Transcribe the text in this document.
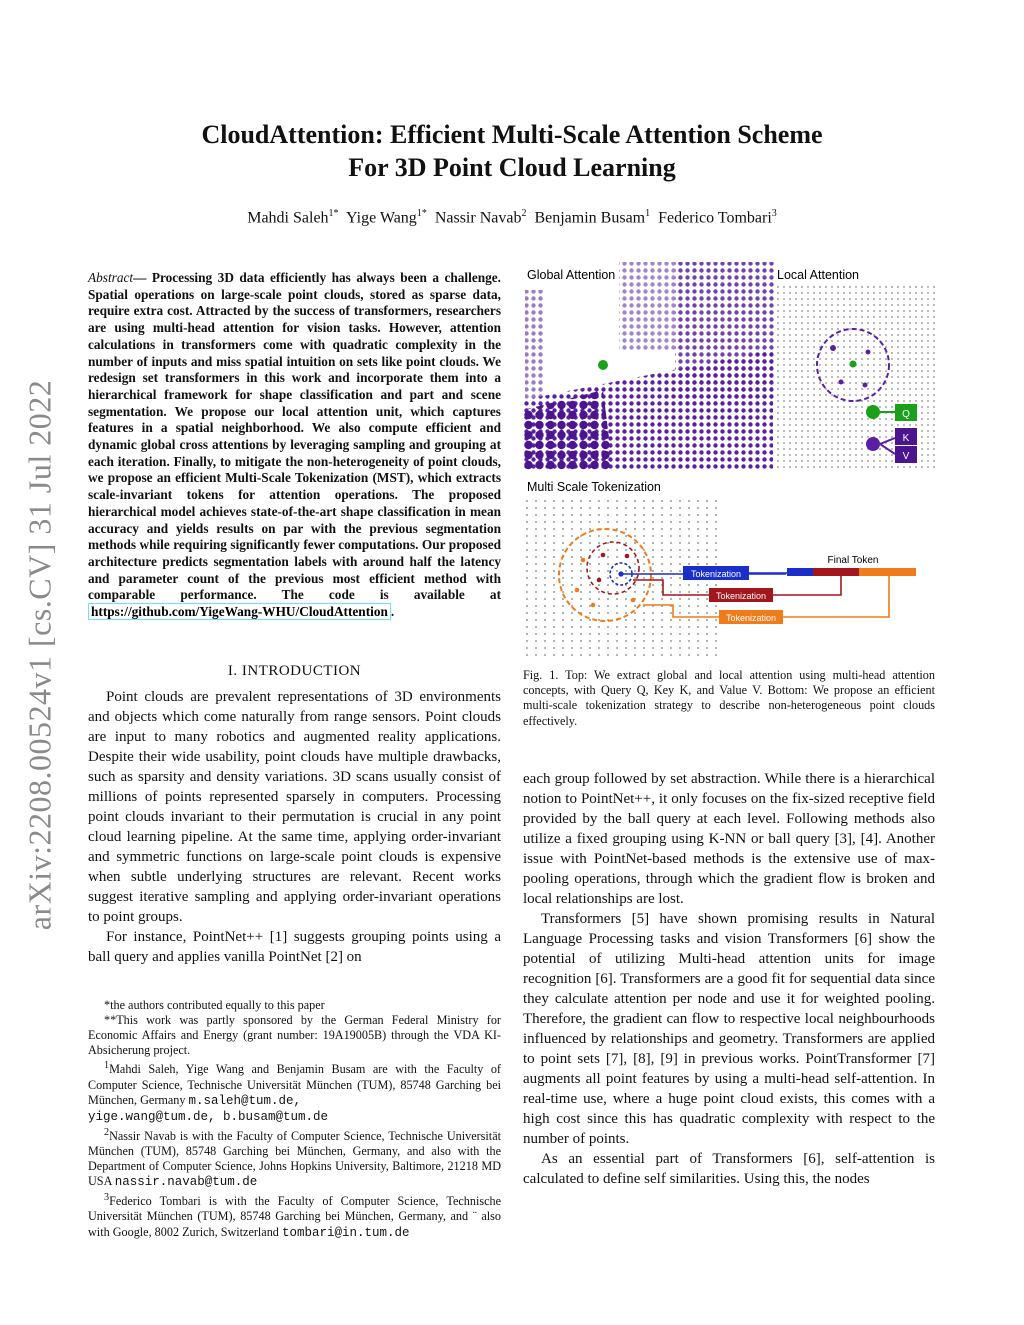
arXiv:2208.00524v1 [cs.CV] 31 Jul 2022
CloudAttention: Efficient Multi-Scale Attention Scheme
For 3D Point Cloud Learning
Mahdi Saleh$^{1*}$ Yige Wang$^{1*}$ Nassir Navab$^2$ Benjamin Busam$^1$ Federico Tombari$^3$
Abstract— Processing 3D data efficiently has always been a challenge. Spatial operations on large-scale point clouds, stored as sparse data, require extra cost. Attracted by the success of transformers, researchers are using multi-head attention for vision tasks. However, attention calculations in transformers come with quadratic complexity in the number of inputs and miss spatial intuition on sets like point clouds. We redesign set transformers in this work and incorporate them into a hierarchical framework for shape classification and part and scene segmentation. We propose our local attention unit, which captures features in a spatial neighborhood. We also compute efficient and dynamic global cross attentions by leveraging sampling and grouping at each iteration. Finally, to mitigate the non-heterogeneity of point clouds, we propose an efficient Multi-Scale Tokenization (MST), which extracts scale-invariant tokens for attention operations. The proposed hierarchical model achieves state-of-the-art shape classification in mean accuracy and yields results on par with the previous segmentation methods while requiring significantly fewer computations. Our proposed architecture predicts segmentation labels with around half the latency and parameter count of the previous most efficient method with comparable performance. The code is available at https://github.com/YigeWang-WHU/CloudAttention .
I. INTRODUCTION

Point clouds are prevalent representations of 3D environments and objects which come naturally from range sensors. Point clouds are input to many robotics and augmented reality applications. Despite their wide usability, point clouds have multiple drawbacks, such as sparsity and density variations. 3D scans usually consist of millions of points represented sparsely in computers. Processing point clouds invariant to their permutation is crucial in any point cloud learning pipeline. At the same time, applying order-invariant and symmetric functions on large-scale point clouds is expensive when subtle underlying structures are relevant. Recent works suggest iterative sampling and applying order-invariant operations to point groups.

For instance, PointNet++ [1] suggests grouping points using a ball query and applies vanilla PointNet [2] on

*the authors contributed equally to this paper

**This work was partly sponsored by the German Federal Ministry for Economic Affairs and Energy (grant number: 19A19005B) through the VDA KI-Absicherung project.

$^1$Mahdi Saleh, Yige Wang and Benjamin Busam are with the Faculty of Computer Science, Technische Universität München (TUM), 85748 Garching bei München, Germany m.saleh@tum.de,
yige.wang@tum.de, b.busam@tum.de

$^2$Nassir Navab is with the Faculty of Computer Science, Technische Universität München (TUM), 85748 Garching bei München, Germany, and also with the Department of Computer Science, Johns Hopkins University, Baltimore, 21218 MD USA nassir.navab@tum.de

$^3$Federico Tombari is with the Faculty of Computer Science, Technische Universität München (TUM), 85748 Garching bei München, Germany, and ¨ also with Google, 8002 Zurich, Switzerland tombari@in.tum.de

Global Attention	Local Attention
Q
K
V
Multi Scale Tokenization
Final Token
Tokenization
Tokenization
Tokenization
Fig. 1. Top: We extract global and local attention using multi-head attention concepts, with Query Q, Key K, and Value V. Bottom: We propose an efficient multi-scale tokenization strategy to describe non-heterogeneous point clouds effectively.

each group followed by set abstraction. While there is a hierarchical notion to PointNet++, it only focuses on the fix-sized receptive field provided by the ball query at each level. Following methods also utilize a fixed grouping using K-NN or ball query [3], [4]. Another issue with PointNet-based methods is the extensive use of max-pooling operations, through which the gradient flow is broken and local relationships are lost.

Transformers [5] have shown promising results in Natural Language Processing tasks and vision Transformers [6] show the potential of utilizing Multi-head attention units for image recognition [6]. Transformers are a good fit for sequential data since they calculate attention per node and use it for weighted pooling. Therefore, the gradient can flow to respective local neighbourhoods influenced by relationships and geometry. Transformers are applied to point sets [7], [8], [9] in previous works. PointTransformer [7] augments all point features by using a multi-head self-attention. In real-time use, where a huge point cloud exists, this comes with a high cost since this has quadratic complexity with respect to the number of points.

As an essential part of Transformers [6], self-attention is calculated to define self similarities. Using this, the nodes
